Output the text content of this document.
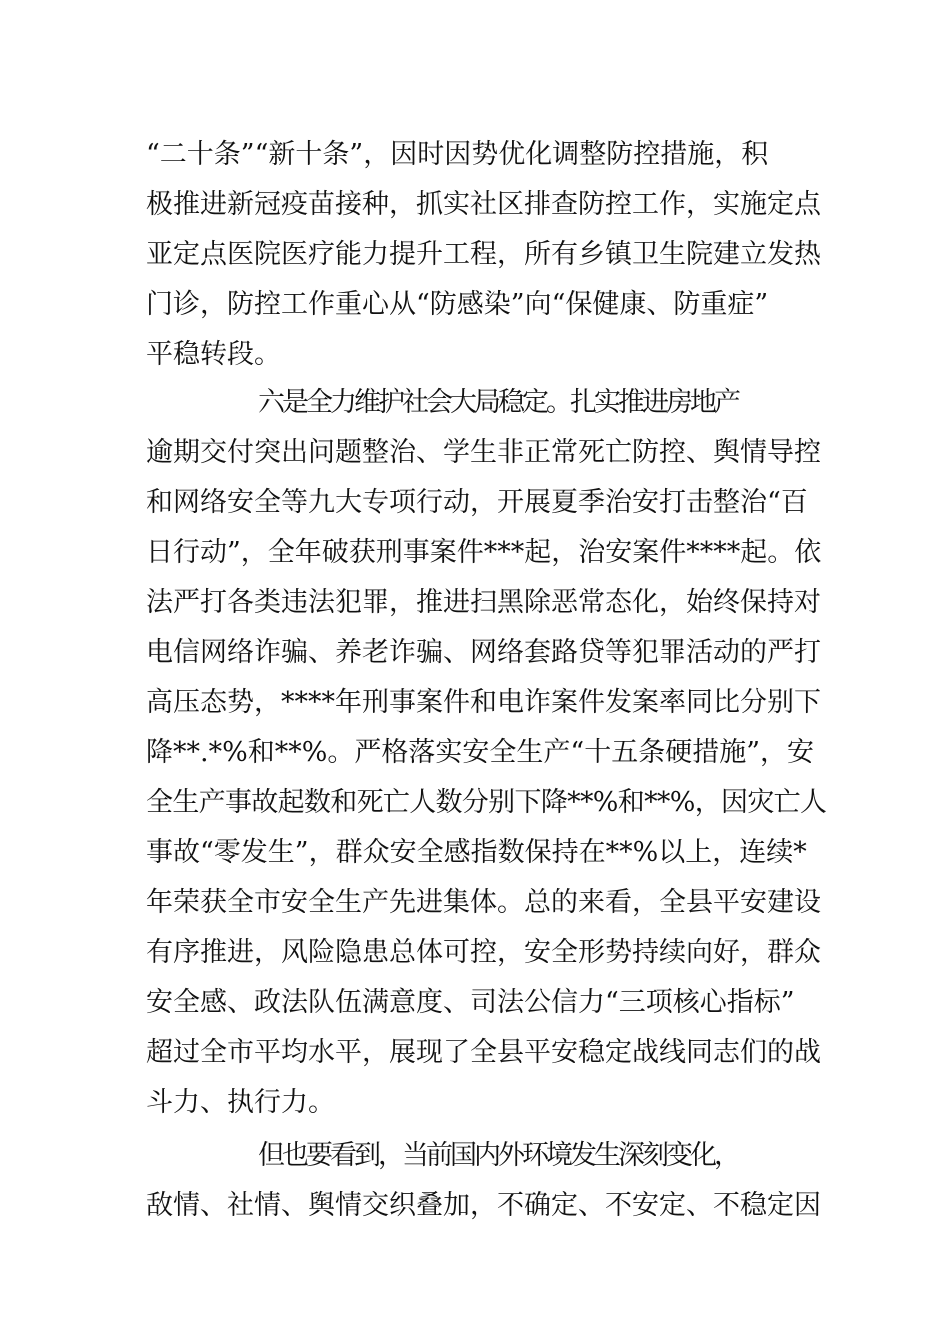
“二十条”“新十条”，因时因势优化调整防控措施，积
极推进新冠疫苗接种，抓实社区排查防控工作，实施定点
亚定点医院医疗能力提升工程，所有乡镇卫生院建立发热
门诊，防控工作重心从“防感染”向“保健康、防重症”
平稳转段。
六是全力维护社会大局稳定。扎实推进房地产
逾期交付突出问题整治、学生非正常死亡防控、舆情导控
和网络安全等九大专项行动，开展夏季治安打击整治“百
日行动”，全年破获刑事案件***起，治安案件****起。依
法严打各类违法犯罪，推进扫黑除恶常态化，始终保持对
电信网络诈骗、养老诈骗、网络套路贷等犯罪活动的严打
高压态势，****年刑事案件和电诈案件发案率同比分别下
降**.*%和**%。严格落实安全生产“十五条硬措施”，安
全生产事故起数和死亡人数分别下降**%和**%，因灾亡人
事故“零发生”，群众安全感指数保持在**%以上，连续*
年荣获全市安全生产先进集体。总的来看，全县平安建设
有序推进，风险隐患总体可控，安全形势持续向好，群众
安全感、政法队伍满意度、司法公信力“三项核心指标”
超过全市平均水平，展现了全县平安稳定战线同志们的战
斗力、执行力。
但也要看到，当前国内外环境发生深刻变化，
敌情、社情、舆情交织叠加，不确定、不安定、不稳定因
